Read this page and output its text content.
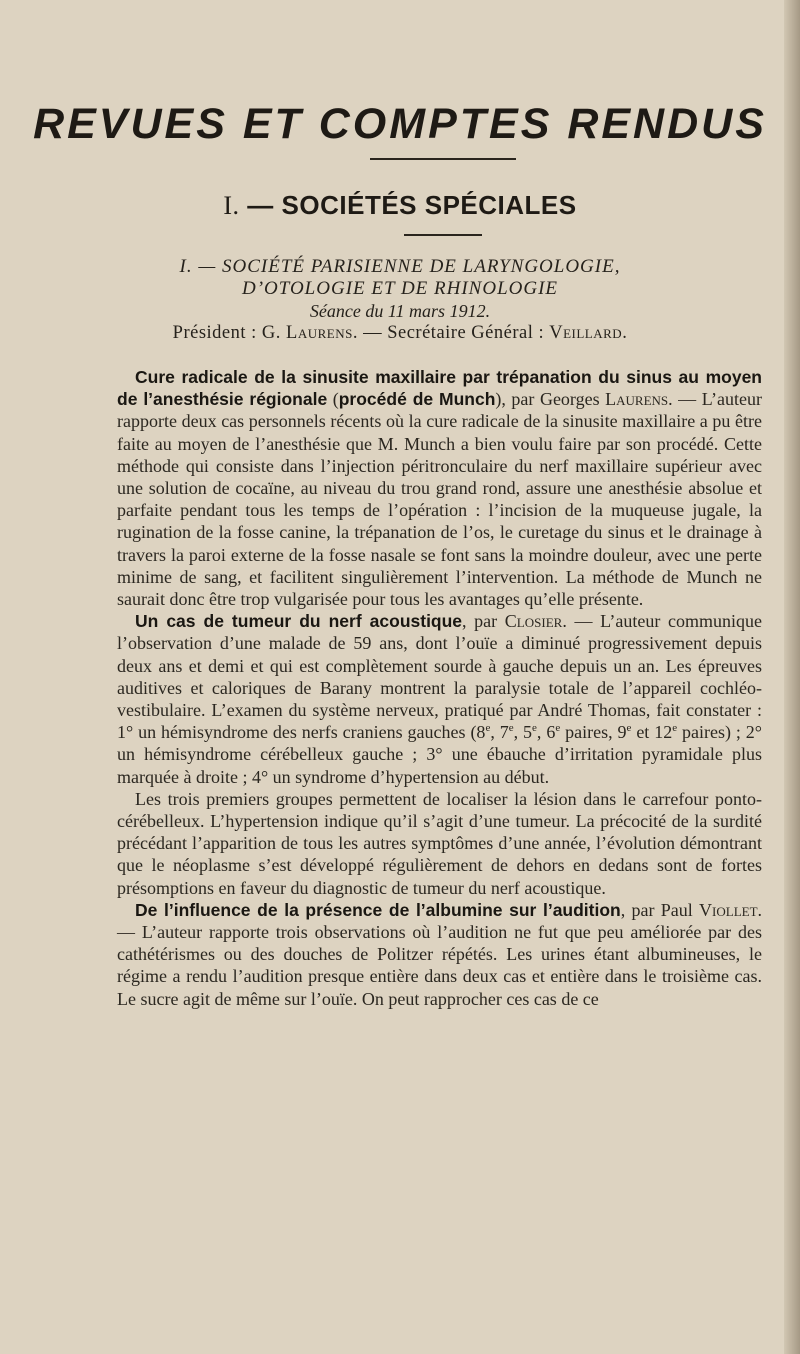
REVUES ET COMPTES RENDUS
I. — SOCIÉTÉS SPÉCIALES
I. — SOCIÉTÉ PARISIENNE DE LARYNGOLOGIE,
D’OTOLOGIE ET DE RHINOLOGIE
Séance du 11 mars 1912.
Président : G. Laurens. — Secrétaire Général : Veillard.

Cure radicale de la sinusite maxillaire par trépanation du sinus au moyen de l’anesthésie régionale (procédé de Munch), par Georges Laurens. — L’auteur rapporte deux cas personnels récents où la cure radicale de la sinusite maxillaire a pu être faite au moyen de l’anesthésie que M. Munch a bien voulu faire par son procédé. Cette méthode qui consiste dans l’injection péritronculaire du nerf maxillaire supérieur avec une solution de cocaïne, au niveau du trou grand rond, assure une anesthésie absolue et parfaite pendant tous les temps de l’opération : l’incision de la muqueuse jugale, la rugination de la fosse canine, la trépanation de l’os, le curetage du sinus et le drainage à travers la paroi externe de la fosse nasale se font sans la moindre douleur, avec une perte minime de sang, et facilitent singulièrement l’intervention. La méthode de Munch ne saurait donc être trop vulgarisée pour tous les avantages qu’elle présente.

Un cas de tumeur du nerf acoustique, par Closier. — L’auteur communique l’observation d’une malade de 59 ans, dont l’ouïe a diminué progressivement depuis deux ans et demi et qui est complètement sourde à gauche depuis un an. Les épreuves auditives et caloriques de Barany montrent la paralysie totale de l’appareil cochléo-vestibulaire. L’examen du système nerveux, pratiqué par André Thomas, fait constater : 1° un hémisyndrome des nerfs craniens gauches (8e, 7e, 5e, 6e paires, 9e et 12e paires) ; 2° un hémisyndrome cérébelleux gauche ; 3° une ébauche d’irritation pyramidale plus marquée à droite ; 4° un syndrome d’hypertension au début.

Les trois premiers groupes permettent de localiser la lésion dans le carrefour ponto-cérébelleux. L’hypertension indique qu’il s’agit d’une tumeur. La précocité de la surdité précédant l’apparition de tous les autres symptômes d’une année, l’évolution démontrant que le néoplasme s’est développé régulièrement de dehors en dedans sont de fortes présomptions en faveur du diagnostic de tumeur du nerf acoustique.

De l’influence de la présence de l’albumine sur l’audition, par Paul Viollet. — L’auteur rapporte trois observations où l’audition ne fut que peu améliorée par des cathétérismes ou des douches de Politzer répétés. Les urines étant albumineuses, le régime a rendu l’audition presque entière dans deux cas et entière dans le troisième cas. Le sucre agit de même sur l’ouïe. On peut rapprocher ces cas de ce
